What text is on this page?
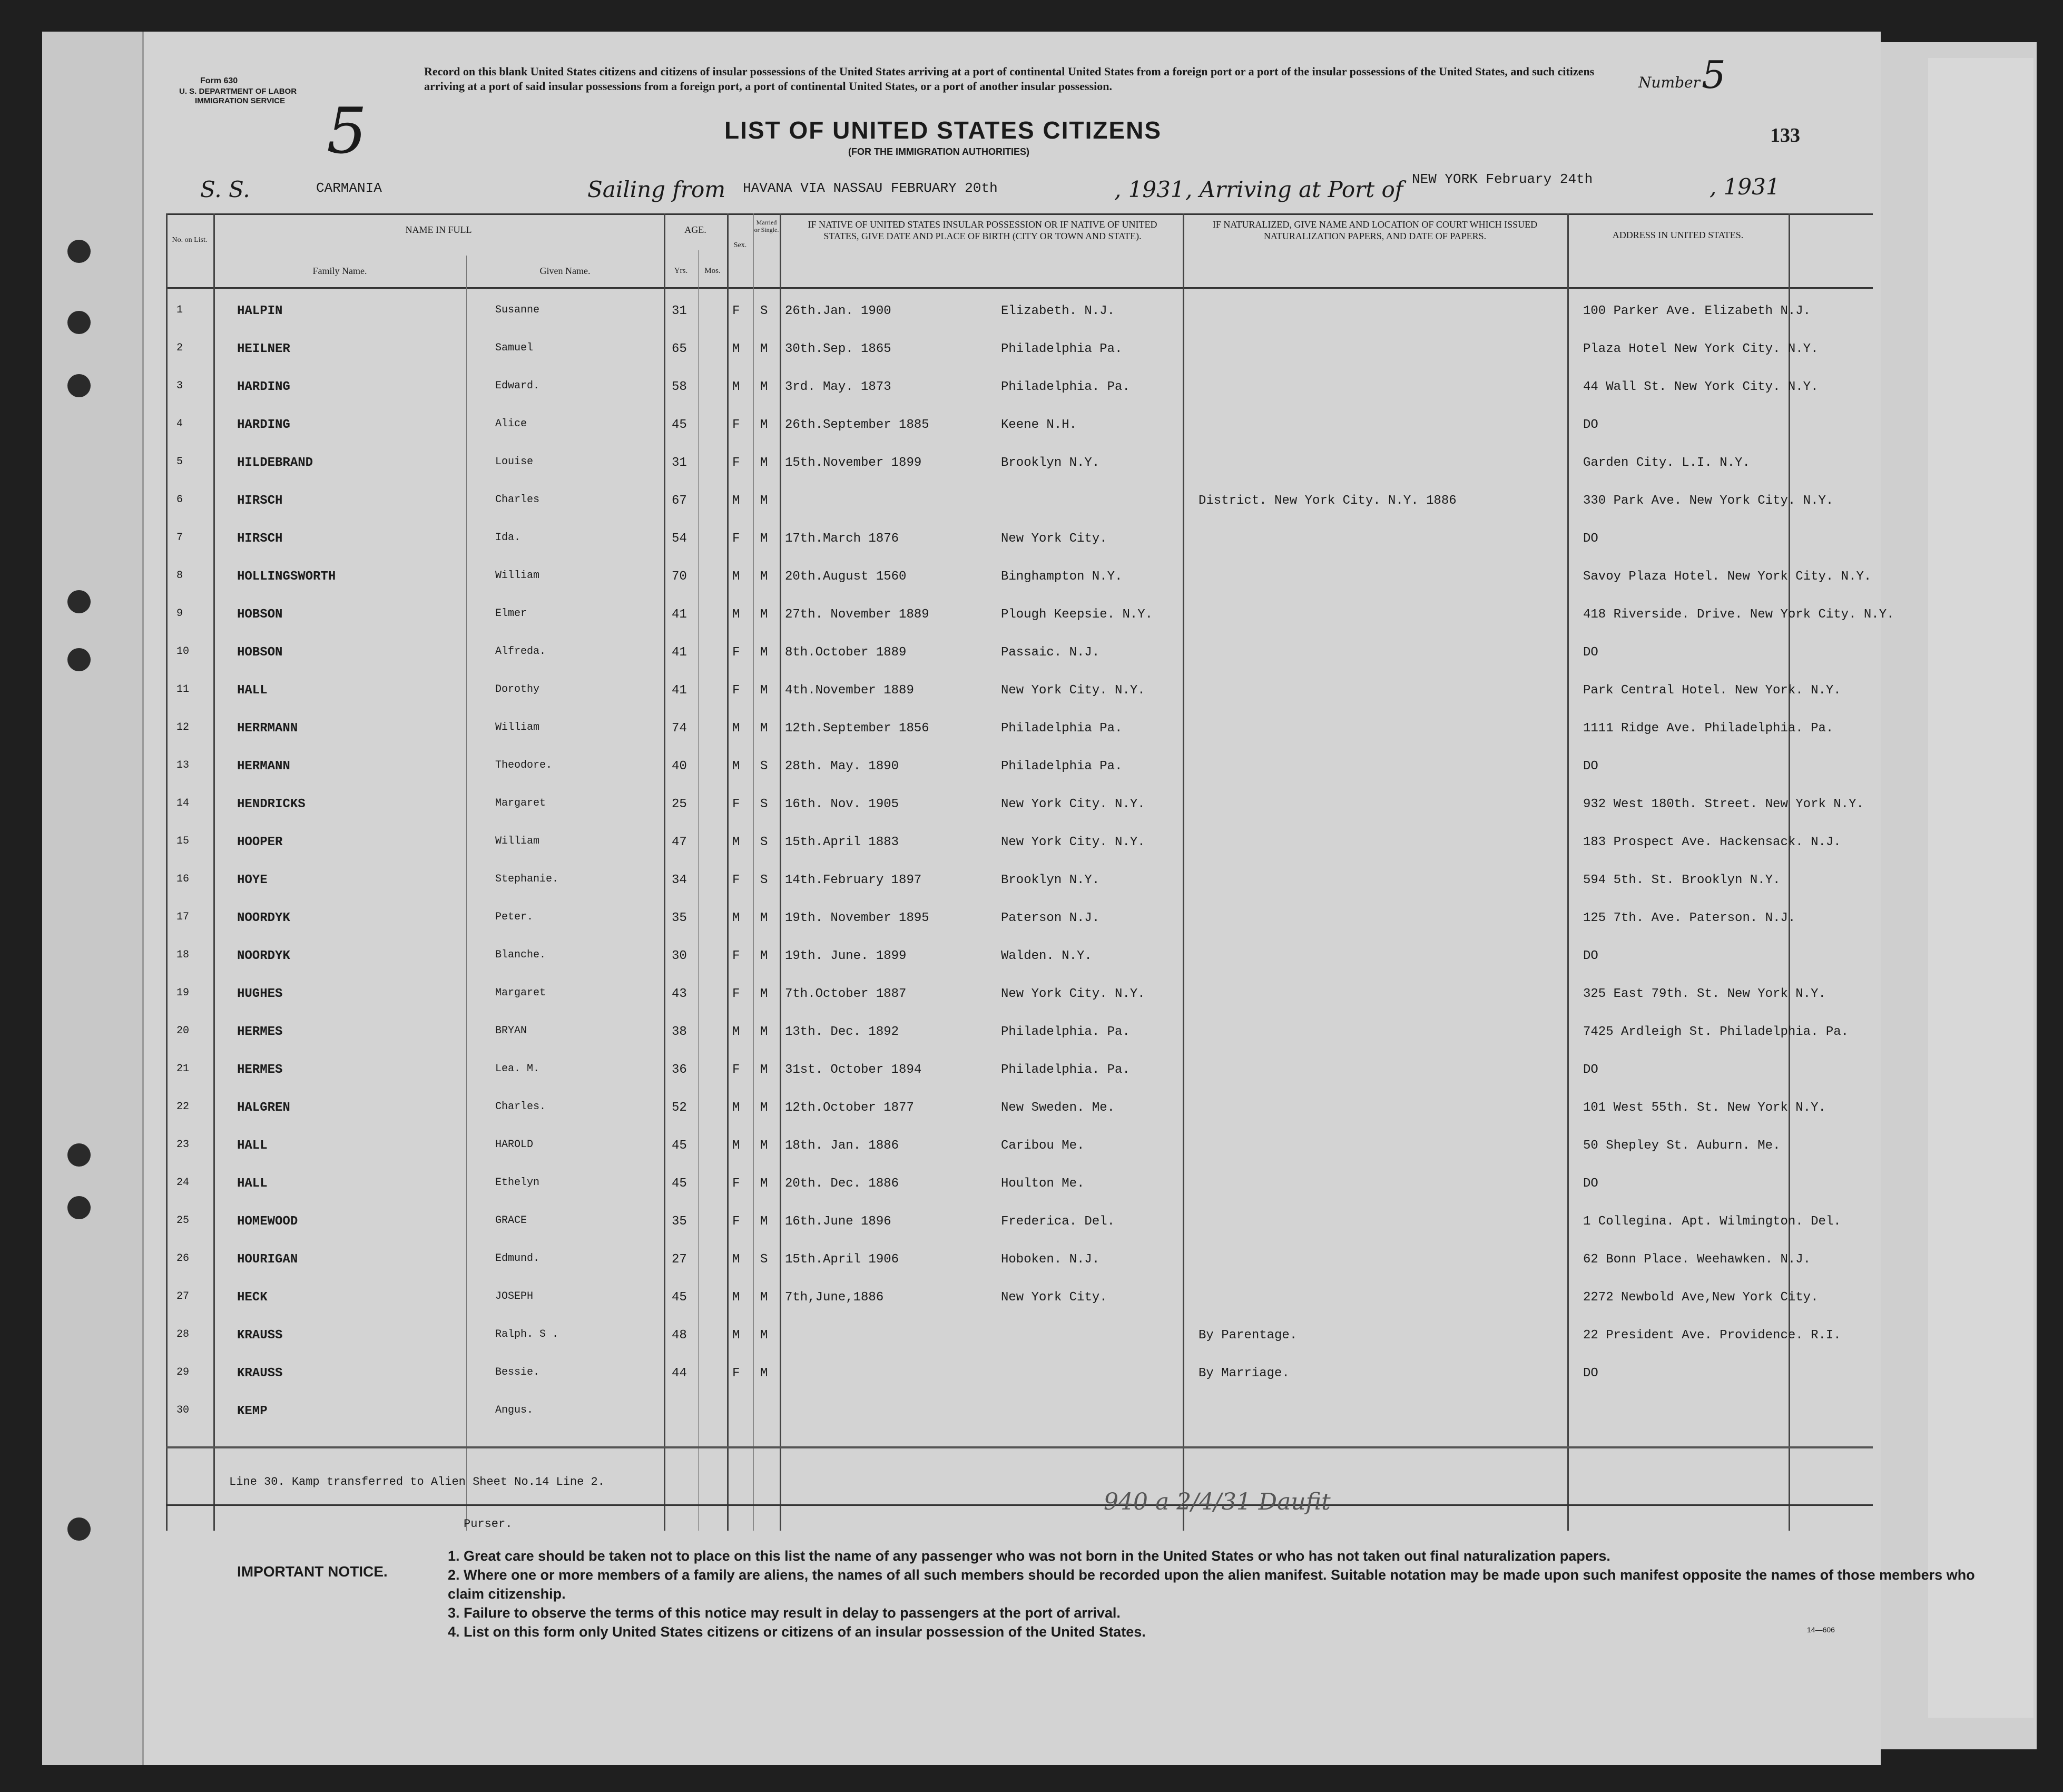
Form 630
U. S. DEPARTMENT OF LABOR
IMMIGRATION SERVICE 5
Record on this blank United States citizens and citizens of insular possessions of the United States arriving at a port of continental United States from a foreign port or a port of the insular possessions of the United States, and such citizens arriving at a port of said insular possessions from a foreign port, a port of continental United States, or a port of another insular possession.	Number 5
LIST OF UNITED STATES CITIZENS
(FOR THE IMMIGRATION AUTHORITIES)
133
S. S.	CARMANIA	Sailing from HAVANA VIA NASSAU FEBRUARY 20th	, 1931 , Arriving at Port of NEW YORK February 24th	, 1931
No. on List.
NAME IN FULL
Family Name.	Given Name.
AGE.
Yrs.	Mos.
Sex.
Married or Single.	IF NATIVE OF UNITED STATES INSULAR POSSESSION OR IF NATIVE OF UNITED STATES, GIVE DATE AND PLACE OF BIRTH (CITY OR TOWN AND STATE).
IF NATURALIZED, GIVE NAME AND LOCATION OF COURT WHICH ISSUED NATURALIZATION PAPERS, AND DATE OF PAPERS.	ADDRESS IN UNITED STATES.
1	HALPIN	Susanne	31	F S 26th.Jan. 1900	Elizabeth. N.J.	100 Parker Ave. Elizabeth N.J.
2	HEILNER	Samuel	65	M M 30th.Sep. 1865	Philadelphia Pa.	Plaza Hotel New York City. N.Y.
3	HARDING	Edward.	58	M M 3rd. May. 1873	Philadelphia. Pa.	44 Wall St. New York City. N.Y.
4	HARDING	Alice	45	F M 26th.September 1885	Keene N.H.	DO
5	HILDEBRAND	Louise	31	F M 15th.November 1899	Brooklyn N.Y.	Garden City. L.I. N.Y.
6	HIRSCH	Charles	67	M M	District. New York City. N.Y. 1886	330 Park Ave. New York City. N.Y.
7	HIRSCH	Ida.	54	F M 17th.March 1876	New York City.	DO
8	HOLLINGSWORTH	William	70	M M 20th.August 1560	Binghampton N.Y.	Savoy Plaza Hotel. New York City. N.Y.
9	HOBSON	Elmer	41	M M 27th. November 1889	Plough Keepsie. N.Y.	418 Riverside. Drive. New York City. N.Y.
10	HOBSON	Alfreda.	41	F M 8th.October 1889	Passaic. N.J.	DO
11	HALL	Dorothy	41	F M 4th.November 1889	New York City. N.Y.	Park Central Hotel. New York. N.Y.
12	HERRMANN	William	74	M M 12th.September 1856	Philadelphia Pa.	1111 Ridge Ave. Philadelphia. Pa.
13	HERMANN	Theodore.	40	M S 28th. May. 1890	Philadelphia Pa.	DO
14	HENDRICKS	Margaret	25	F S 16th. Nov. 1905	New York City. N.Y.	932 West 180th. Street. New York N.Y.
15	HOOPER	William	47	M S 15th.April 1883	New York City. N.Y.	183 Prospect Ave. Hackensack. N.J.
16	HOYE	Stephanie.	34	F S 14th.February 1897	Brooklyn N.Y.	594 5th. St. Brooklyn N.Y.
17	NOORDYK	Peter.	35	M M 19th. November 1895	Paterson N.J.	125 7th. Ave. Paterson. N.J.
18	NOORDYK	Blanche.	30	F M 19th. June. 1899	Walden. N.Y.	DO
19	HUGHES	Margaret	43	F M 7th.October 1887	New York City. N.Y.	325 East 79th. St. New York N.Y.
20	HERMES	BRYAN	38	M M 13th. Dec. 1892	Philadelphia. Pa.	7425 Ardleigh St. Philadelphia. Pa.
21	HERMES	Lea. M.	36	F M 31st. October 1894	Philadelphia. Pa.	DO
22	HALGREN	Charles.	52	M M 12th.October 1877	New Sweden. Me.	101 West 55th. St. New York N.Y.
23	HALL	HAROLD	45	M M 18th. Jan. 1886	Caribou Me.	50 Shepley St. Auburn. Me.
24	HALL	Ethelyn	45	F M 20th. Dec. 1886	Houlton Me.	DO
25	HOMEWOOD	GRACE	35	F M 16th.June 1896	Frederica. Del.	1 Collegina. Apt. Wilmington. Del.
26	HOURIGAN	Edmund.	27	M S 15th.April 1906	Hoboken. N.J.	62 Bonn Place. Weehawken. N.J.
27	HECK	JOSEPH	45	M M 7th,June,1886	New York City.	2272 Newbold Ave,New York City.
28	KRAUSS	Ralph. S .	48	M M	By Parentage.	22 President Ave. Providence. R.I.
29	KRAUSS	Bessie.	44	F M	By Marriage.	DO
30	KEMP	Angus.
Line 30. Kamp transferred to Alien Sheet No.14 Line 2.
Purser.
940 a 2/4/31 Daufit
IMPORTANT NOTICE.
1. Great care should be taken not to place on this list the name of any passenger who was not born in the United States or who has not taken out final naturalization papers.
2. Where one or more members of a family are aliens, the names of all such members should be recorded upon the alien manifest. Suitable notation may be made upon such manifest opposite the names of those members who claim citizenship.
3. Failure to observe the terms of this notice may result in delay to passengers at the port of arrival.
4. List on this form only United States citizens or citizens of an insular possession of the United States.	14—606
